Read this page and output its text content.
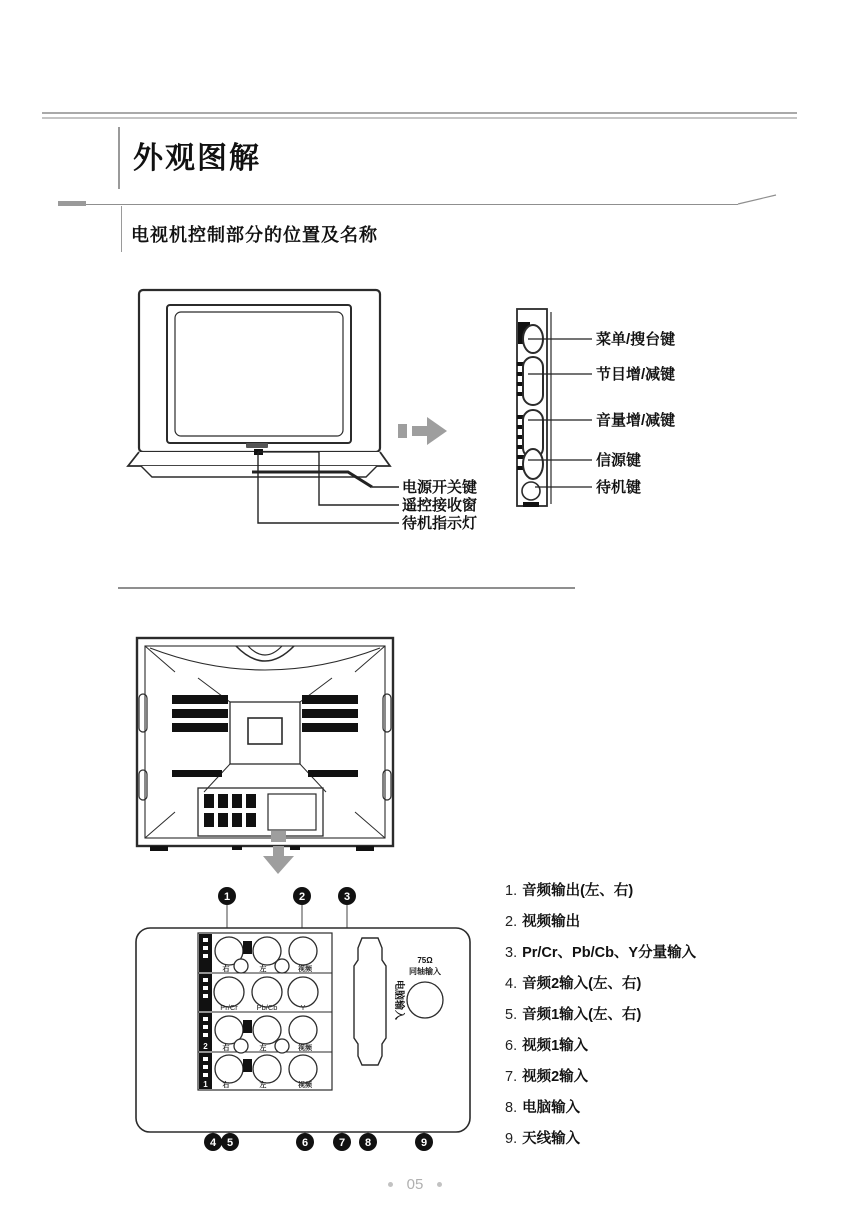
外观图解
电视机控制部分的位置及名称
电源开关键
遥控接收窗
待机指示灯
菜单/搜台键
节目增/减键
音量增/减键
信源键
待机键
2
1
右	左	视频
Pr/Cr	Pb/Cb	Y
右	左	视频
右	左	视频
电脑输入
75Ω
同轴输入
1	2	3
4 5	6	7 8	9
1. 音频输出(左、右)
2. 视频输出
3. Pr/Cr、Pb/Cb、Y分量输入
4. 音频2输入(左、右)
5. 音频1输入(左、右)
6. 视频1输入
7. 视频2输入
8. 电脑输入
9. 天线输入
05
